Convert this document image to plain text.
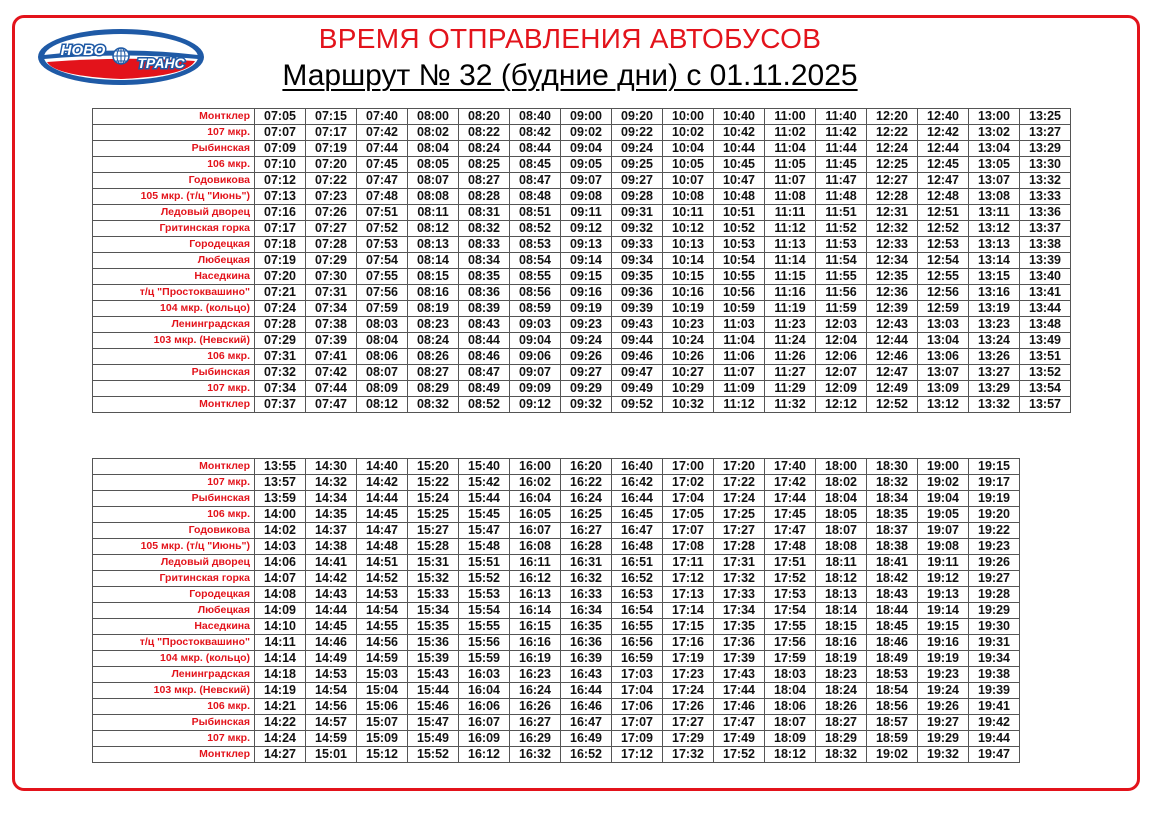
НОВО
ТРАНС
ВРЕМЯ ОТПРАВЛЕНИЯ АВТОБУСОВ
Маршрут № 32 (будние дни) с 01.11.2025
Монтклер	07:05	07:15	07:40	08:00	08:20	08:40	09:00	09:20	10:00	10:40	11:00	11:40	12:20	12:40	13:00	13:25
107 мкр.	07:07	07:17	07:42	08:02	08:22	08:42	09:02	09:22	10:02	10:42	11:02	11:42	12:22	12:42	13:02	13:27
Рыбинская	07:09	07:19	07:44	08:04	08:24	08:44	09:04	09:24	10:04	10:44	11:04	11:44	12:24	12:44	13:04	13:29
106 мкр.	07:10	07:20	07:45	08:05	08:25	08:45	09:05	09:25	10:05	10:45	11:05	11:45	12:25	12:45	13:05	13:30
Годовикова	07:12	07:22	07:47	08:07	08:27	08:47	09:07	09:27	10:07	10:47	11:07	11:47	12:27	12:47	13:07	13:32
105 мкр. (т/ц "Июнь")	07:13	07:23	07:48	08:08	08:28	08:48	09:08	09:28	10:08	10:48	11:08	11:48	12:28	12:48	13:08	13:33
Ледовый дворец	07:16	07:26	07:51	08:11	08:31	08:51	09:11	09:31	10:11	10:51	11:11	11:51	12:31	12:51	13:11	13:36
Гритинская горка	07:17	07:27	07:52	08:12	08:32	08:52	09:12	09:32	10:12	10:52	11:12	11:52	12:32	12:52	13:12	13:37
Городецкая	07:18	07:28	07:53	08:13	08:33	08:53	09:13	09:33	10:13	10:53	11:13	11:53	12:33	12:53	13:13	13:38
Любецкая	07:19	07:29	07:54	08:14	08:34	08:54	09:14	09:34	10:14	10:54	11:14	11:54	12:34	12:54	13:14	13:39
Наседкина	07:20	07:30	07:55	08:15	08:35	08:55	09:15	09:35	10:15	10:55	11:15	11:55	12:35	12:55	13:15	13:40
т/ц "Простоквашино"	07:21	07:31	07:56	08:16	08:36	08:56	09:16	09:36	10:16	10:56	11:16	11:56	12:36	12:56	13:16	13:41
104 мкр. (кольцо)	07:24	07:34	07:59	08:19	08:39	08:59	09:19	09:39	10:19	10:59	11:19	11:59	12:39	12:59	13:19	13:44
Ленинградская	07:28	07:38	08:03	08:23	08:43	09:03	09:23	09:43	10:23	11:03	11:23	12:03	12:43	13:03	13:23	13:48
103 мкр. (Невский)	07:29	07:39	08:04	08:24	08:44	09:04	09:24	09:44	10:24	11:04	11:24	12:04	12:44	13:04	13:24	13:49
106 мкр.	07:31	07:41	08:06	08:26	08:46	09:06	09:26	09:46	10:26	11:06	11:26	12:06	12:46	13:06	13:26	13:51
Рыбинская	07:32	07:42	08:07	08:27	08:47	09:07	09:27	09:47	10:27	11:07	11:27	12:07	12:47	13:07	13:27	13:52
107 мкр.	07:34	07:44	08:09	08:29	08:49	09:09	09:29	09:49	10:29	11:09	11:29	12:09	12:49	13:09	13:29	13:54
Монтклер	07:37	07:47	08:12	08:32	08:52	09:12	09:32	09:52	10:32	11:12	11:32	12:12	12:52	13:12	13:32	13:57
Монтклер	13:55	14:30	14:40	15:20	15:40	16:00	16:20	16:40	17:00	17:20	17:40	18:00	18:30	19:00	19:15
107 мкр.	13:57	14:32	14:42	15:22	15:42	16:02	16:22	16:42	17:02	17:22	17:42	18:02	18:32	19:02	19:17
Рыбинская	13:59	14:34	14:44	15:24	15:44	16:04	16:24	16:44	17:04	17:24	17:44	18:04	18:34	19:04	19:19
106 мкр.	14:00	14:35	14:45	15:25	15:45	16:05	16:25	16:45	17:05	17:25	17:45	18:05	18:35	19:05	19:20
Годовикова	14:02	14:37	14:47	15:27	15:47	16:07	16:27	16:47	17:07	17:27	17:47	18:07	18:37	19:07	19:22
105 мкр. (т/ц "Июнь")	14:03	14:38	14:48	15:28	15:48	16:08	16:28	16:48	17:08	17:28	17:48	18:08	18:38	19:08	19:23
Ледовый дворец	14:06	14:41	14:51	15:31	15:51	16:11	16:31	16:51	17:11	17:31	17:51	18:11	18:41	19:11	19:26
Гритинская горка	14:07	14:42	14:52	15:32	15:52	16:12	16:32	16:52	17:12	17:32	17:52	18:12	18:42	19:12	19:27
Городецкая	14:08	14:43	14:53	15:33	15:53	16:13	16:33	16:53	17:13	17:33	17:53	18:13	18:43	19:13	19:28
Любецкая	14:09	14:44	14:54	15:34	15:54	16:14	16:34	16:54	17:14	17:34	17:54	18:14	18:44	19:14	19:29
Наседкина	14:10	14:45	14:55	15:35	15:55	16:15	16:35	16:55	17:15	17:35	17:55	18:15	18:45	19:15	19:30
т/ц "Простоквашино"	14:11	14:46	14:56	15:36	15:56	16:16	16:36	16:56	17:16	17:36	17:56	18:16	18:46	19:16	19:31
104 мкр. (кольцо)	14:14	14:49	14:59	15:39	15:59	16:19	16:39	16:59	17:19	17:39	17:59	18:19	18:49	19:19	19:34
Ленинградская	14:18	14:53	15:03	15:43	16:03	16:23	16:43	17:03	17:23	17:43	18:03	18:23	18:53	19:23	19:38
103 мкр. (Невский)	14:19	14:54	15:04	15:44	16:04	16:24	16:44	17:04	17:24	17:44	18:04	18:24	18:54	19:24	19:39
106 мкр.	14:21	14:56	15:06	15:46	16:06	16:26	16:46	17:06	17:26	17:46	18:06	18:26	18:56	19:26	19:41
Рыбинская	14:22	14:57	15:07	15:47	16:07	16:27	16:47	17:07	17:27	17:47	18:07	18:27	18:57	19:27	19:42
107 мкр.	14:24	14:59	15:09	15:49	16:09	16:29	16:49	17:09	17:29	17:49	18:09	18:29	18:59	19:29	19:44
Монтклер	14:27	15:01	15:12	15:52	16:12	16:32	16:52	17:12	17:32	17:52	18:12	18:32	19:02	19:32	19:47
